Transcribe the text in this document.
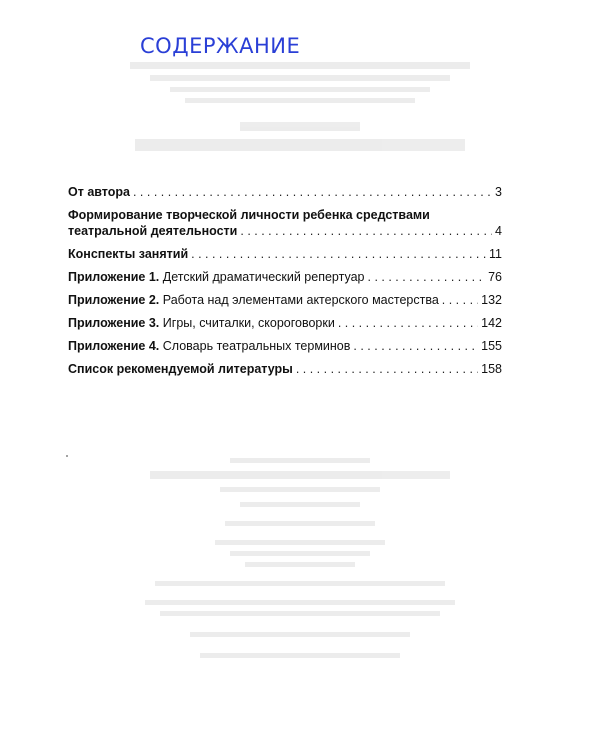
СОДЕРЖАНИЕ
От автора . . .	3
Формирование творческой личности ребенка средствами
театральной деятельности . . .	4
Конспекты занятий . . .	11
Приложение 1. Детский драматический репертуар . . .	76
Приложение 2. Работа над элементами актерского мастерства . . .	132
Приложение 3. Игры, считалки, скороговорки . . .	142
Приложение 4. Словарь театральных терминов . . .	155
Список рекомендуемой литературы . . .	158
